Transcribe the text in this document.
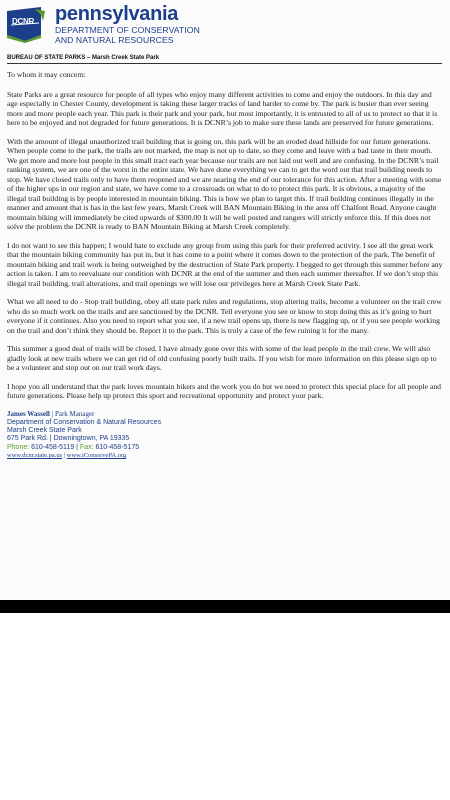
DCNR	pennsylvania
DEPARTMENT OF CONSERVATION
AND NATURAL RESOURCES
BUREAU OF STATE PARKS – Marsh Creek State Park

To whom it may concern:

State Parks are a great resource for people of all types who enjoy many different activities to come and enjoy the outdoors. In this day and age especially in Chester County, development is taking these larger tracks of land harder to come by. The park is busier than ever seeing more and more people each year. This park is their park and your park, but most importantly, it is entrusted to all of us to protect so that it is here to be enjoyed and not degraded for future generations. It is DCNR’s job to make sure these lands are preserved for future generations.

With the amount of illegal unauthorized trail building that is going on, this park will be an eroded dead hillside for our future generations. When people come to the park, the trails are not marked, the map is not up to date, so they come and leave with a bad taste in their mouth. We get more and more lost people in this small tract each year because our trails are not laid out well and are confusing. In the DCNR’s trail ranking system, we are one of the worst in the entire state. We have done everything we can to get the word out that trail building needs to stop. We have closed trails only to have them reopened and we are nearing the end of our tolerance for this action. After a meeting with some of the higher ups in our region and state, we have come to a crossroads on what to do to protect this park. It is obvious, a majority of the illegal trail building is by people interested in mountain biking. This is how we plan to target this. If trail building continues illegally in the manner and amount that is has in the last few years, Marsh Creek will BAN Mountain Biking in the area off Chalfont Road. Anyone caught mountain biking will immediately be cited upwards of $300.00 It will be well posted and rangers will strictly enforce this. If this does not solve the problem the DCNR is ready to BAN Mountain Biking at Marsh Creek completely.

I do not want to see this happen; I would hate to exclude any group from using this park for their preferred activity. I see all the great work that the mountain biking community has put in, but it has come to a point where it comes down to the protection of the park. The benefit of mountain biking and trail work is being outweighed by the destruction of State Park property. I begged to get through this summer before any action is taken. I am to reevaluate our condition with DCNR at the end of the summer and then each summer thereafter. If we don’t stop this illegal trail building, trail alterations, and trail openings we will lose our privileges here at Marsh Creek State Park.

What we all need to do - Stop trail building, obey all state park rules and regulations, stop altering trails, become a volunteer on the trail crew who do so much work on the trails and are sanctioned by the DCNR. Tell everyone you see or know to stop doing this as it’s going to hurt everyone if it continues. Also you need to report what you see, if a new trail opens up, there is new flagging up, or if you see people working on the trail and don’t think they should be. Report it to the park. This is truly a case of the few ruining it for the many.

This summer a good deal of trails will be closed. I have already gone over this with some of the lead people in the trail crew. We will also gladly look at new trails where we can get rid of old confusing poorly built trails. If you wish for more information on this please sign up to be a volunteer and stop out on our trail work days.

I hope you all understand that the park loves mountain bikers and the work you do but we need to protect this special place for all people and future generations. Please help up protect this sport and recreational opportunity and protect your park.

James Wassell | Park Manager
Department of Conservation & Natural Resources
Marsh Creek State Park
675 Park Rd. | Downingtown, PA 19335
Phone: 610-458-5119 | Fax: 610-458-5175
www.dcnr.state.pa.us | www.iConservePA.org
